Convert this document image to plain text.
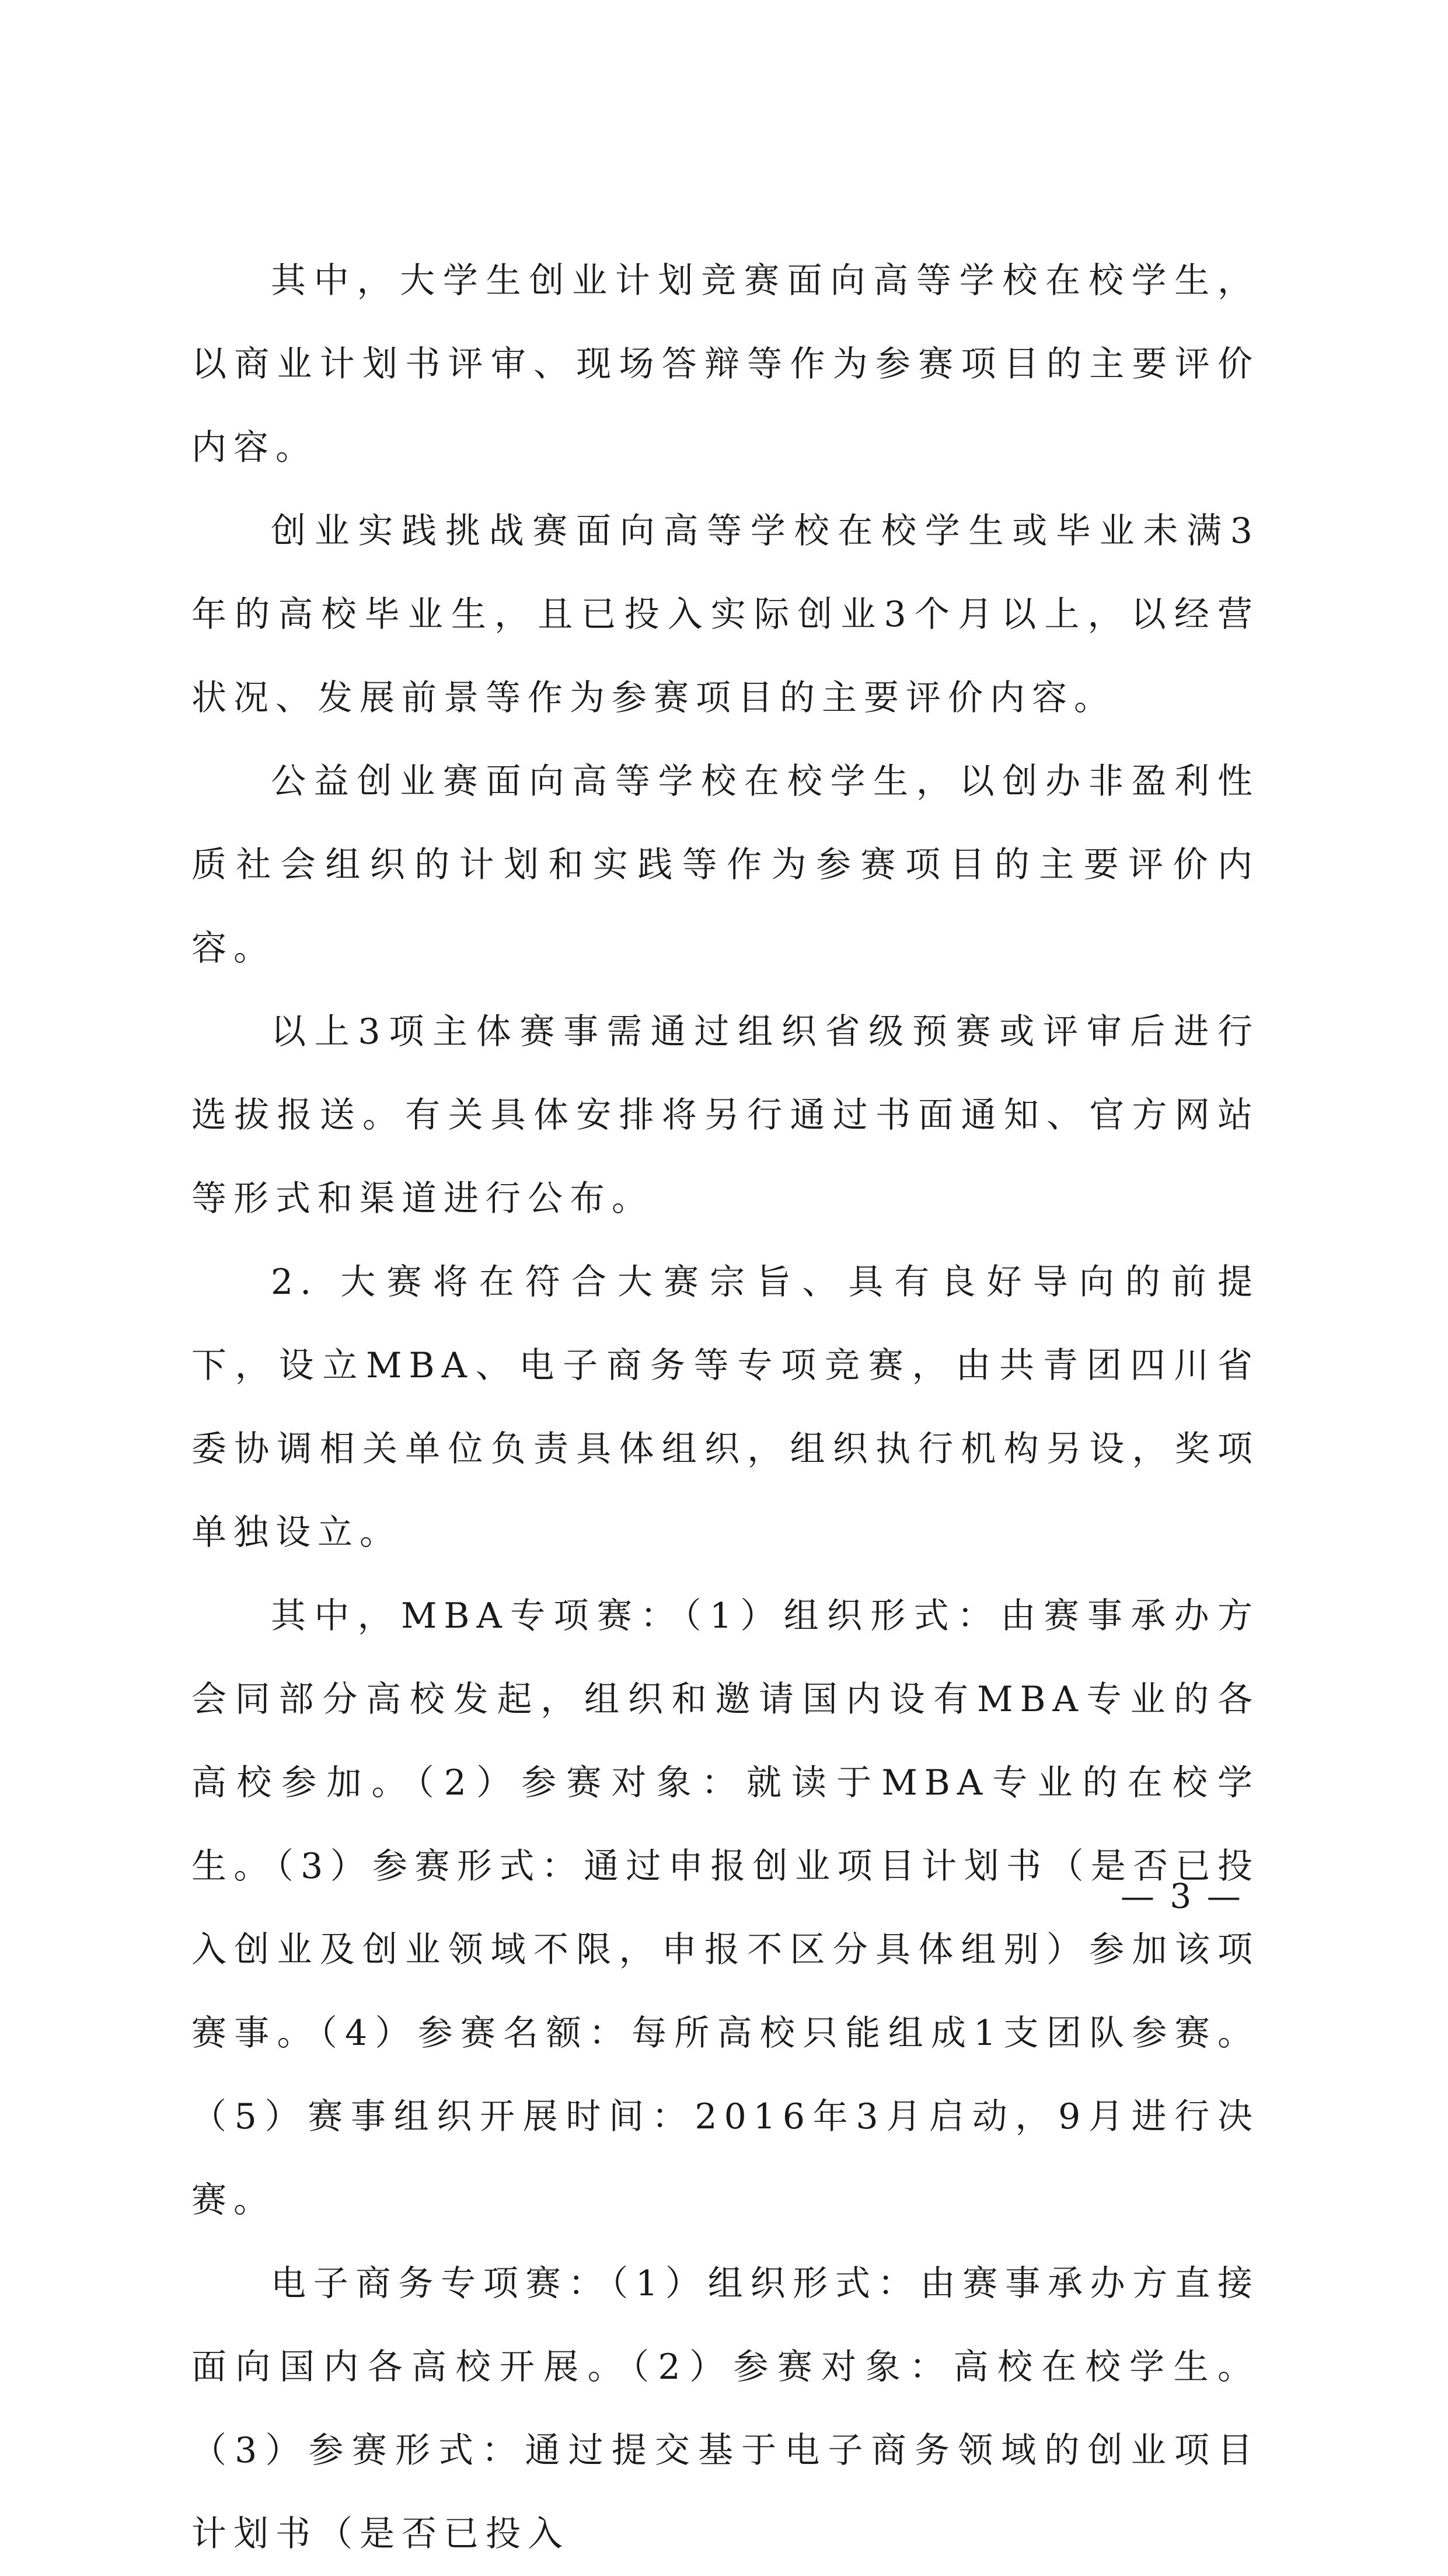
其中，大学生创业计划竞赛面向高等学校在校学生，以商业计划书评审、现场答辩等作为参赛项目的主要评价内容。

创业实践挑战赛面向高等学校在校学生或毕业未满3年的高校毕业生，且已投入实际创业3个月以上，以经营状况、发展前景等作为参赛项目的主要评价内容。

公益创业赛面向高等学校在校学生，以创办非盈利性质社会组织的计划和实践等作为参赛项目的主要评价内容。

以上3项主体赛事需通过组织省级预赛或评审后进行选拔报送。有关具体安排将另行通过书面通知、官方网站等形式和渠道进行公布。

2. 大赛将在符合大赛宗旨、具有良好导向的前提下，设立MBA、电子商务等专项竞赛，由共青团四川省委协调相关单位负责具体组织，组织执行机构另设，奖项单独设立。

其中，MBA专项赛：（1）组织形式：由赛事承办方会同部分高校发起，组织和邀请国内设有MBA专业的各高校参加。（2）参赛对象：就读于MBA专业的在校学生。（3）参赛形式：通过申报创业项目计划书（是否已投入创业及创业领域不限，申报不区分具体组别）参加该项赛事。（4）参赛名额：每所高校只能组成1支团队参赛。（5）赛事组织开展时间：2016年3月启动，9月进行决赛。

电子商务专项赛：（1）组织形式：由赛事承办方直接面向国内各高校开展。（2）参赛对象：高校在校学生。（3）参赛形式：通过提交基于电子商务领域的创业项目计划书（是否已投入

— 3 —
